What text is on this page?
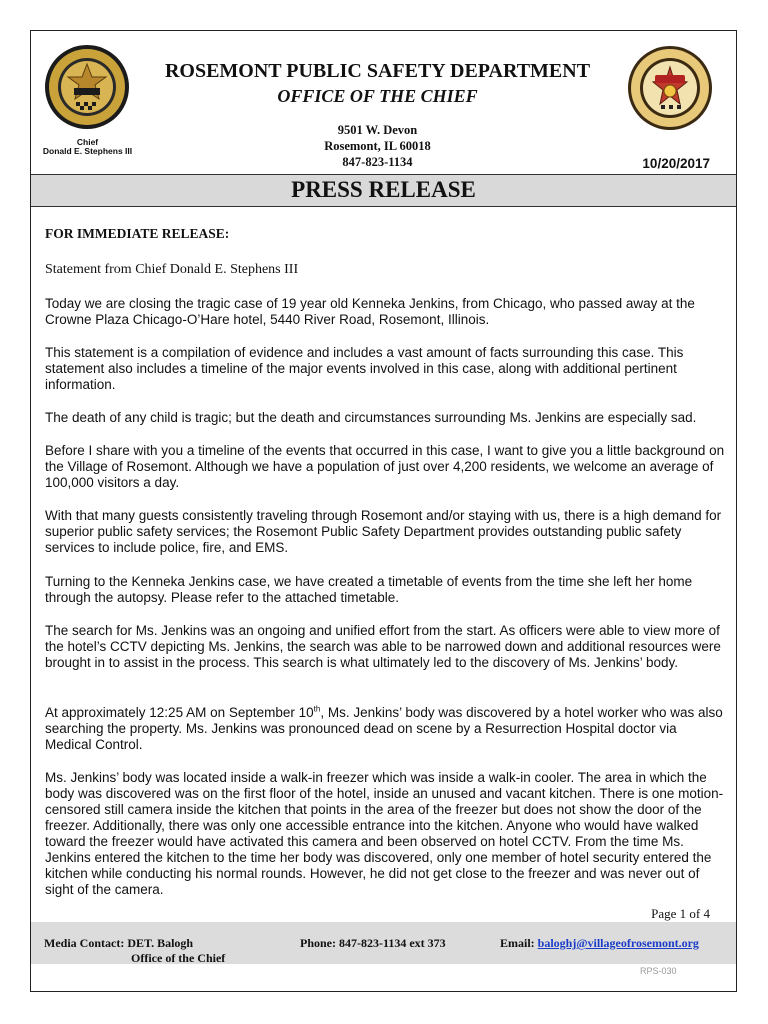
Chief
Donald E. Stephens III
ROSEMONT PUBLIC SAFETY DEPARTMENT
OFFICE OF THE CHIEF
9501 W. Devon
Rosemont, IL 60018
847-823-1134	10/20/2017
PRESS RELEASE
FOR IMMEDIATE RELEASE:
Statement from Chief Donald E. Stephens III
Today we are closing the tragic case of 19 year old Kenneka Jenkins, from Chicago, who passed away at the Crowne Plaza Chicago-O’Hare hotel, 5440 River Road, Rosemont, Illinois.
This statement is a compilation of evidence and includes a vast amount of facts surrounding this case. This statement also includes a timeline of the major events involved in this case, along with additional pertinent information.
The death of any child is tragic; but the death and circumstances surrounding Ms. Jenkins are especially sad.
Before I share with you a timeline of the events that occurred in this case, I want to give you a little background on the Village of Rosemont. Although we have a population of just over 4,200 residents, we welcome an average of 100,000 visitors a day.
With that many guests consistently traveling through Rosemont and/or staying with us, there is a high demand for superior public safety services; the Rosemont Public Safety Department provides outstanding public safety services to include police, fire, and EMS.
Turning to the Kenneka Jenkins case, we have created a timetable of events from the time she left her home through the autopsy. Please refer to the attached timetable.
The search for Ms. Jenkins was an ongoing and unified effort from the start. As officers were able to view more of the hotel’s CCTV depicting Ms. Jenkins, the search was able to be narrowed down and additional resources were brought in to assist in the process. This search is what ultimately led to the discovery of Ms. Jenkins’ body.
At approximately 12:25 AM on September 10th, Ms. Jenkins’ body was discovered by a hotel worker who was also searching the property. Ms. Jenkins was pronounced dead on scene by a Resurrection Hospital doctor via Medical Control.
Ms. Jenkins’ body was located inside a walk-in freezer which was inside a walk-in cooler. The area in which the body was discovered was on the first floor of the hotel, inside an unused and vacant kitchen. There is one motion-censored still camera inside the kitchen that points in the area of the freezer but does not show the door of the freezer. Additionally, there was only one accessible entrance into the kitchen. Anyone who would have walked toward the freezer would have activated this camera and been observed on hotel CCTV. From the time Ms. Jenkins entered the kitchen to the time her body was discovered, only one member of hotel security entered the kitchen while conducting his normal rounds. However, he did not get close to the freezer and was never out of sight of the camera.
Page 1 of 4
Media Contact: DET. Balogh
Office of the Chief
Phone: 847-823-1134 ext 373	Email: baloghj@villageofrosemont.org
RPS-030
